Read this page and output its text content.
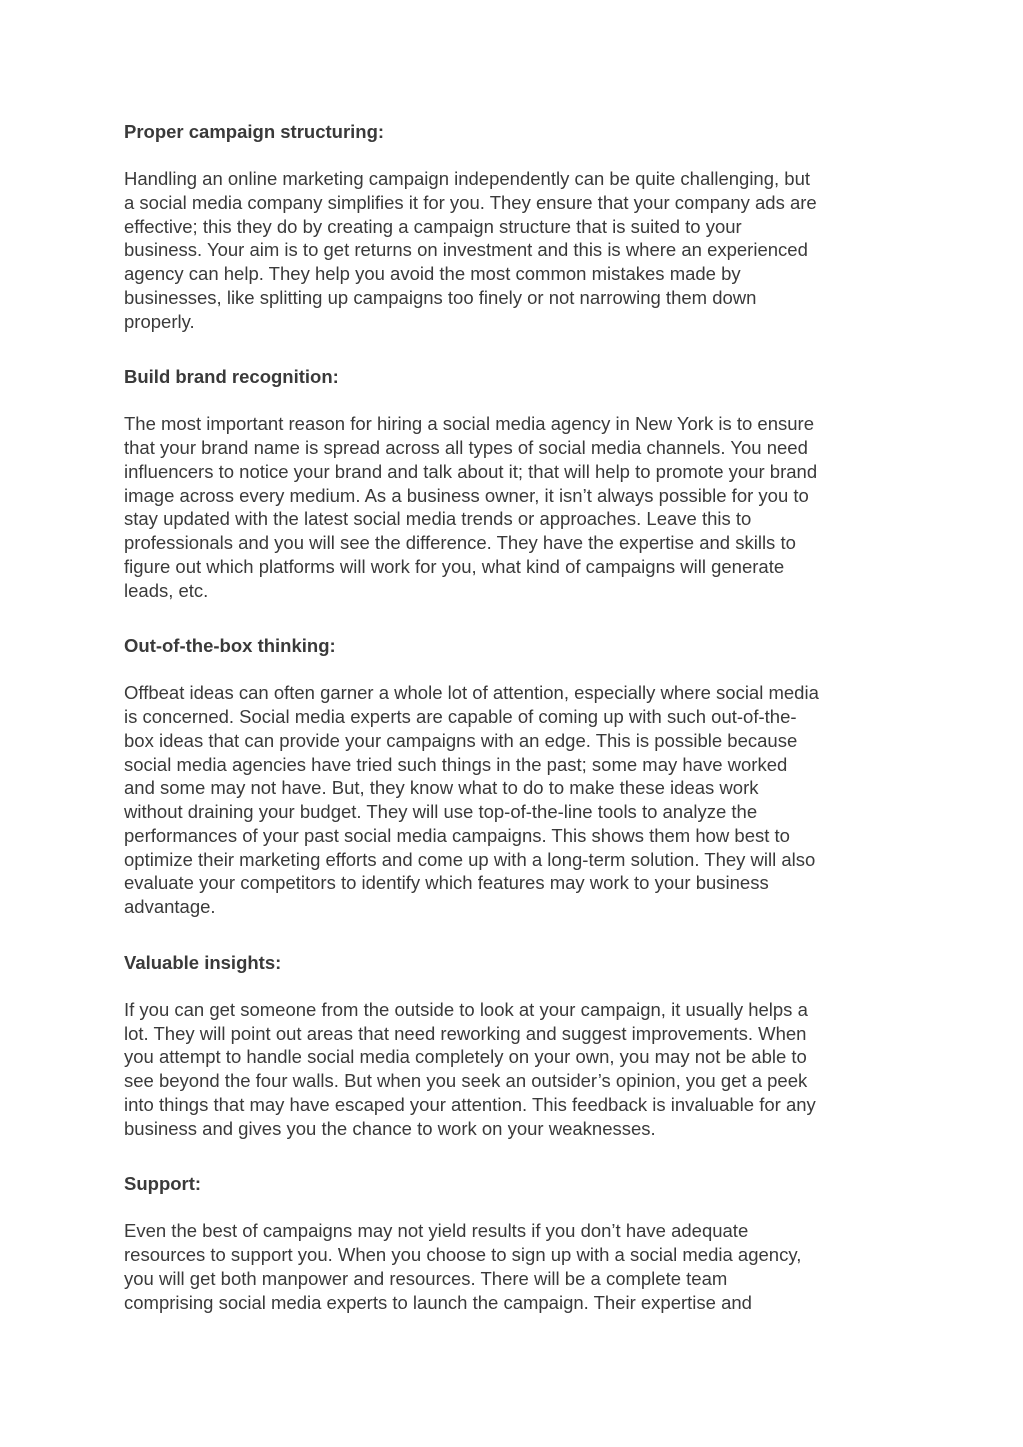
Proper campaign structuring:

Handling an online marketing campaign independently can be quite challenging, but
a social media company simplifies it for you. They ensure that your company ads are
effective; this they do by creating a campaign structure that is suited to your
business. Your aim is to get returns on investment and this is where an experienced
agency can help. They help you avoid the most common mistakes made by
businesses, like splitting up campaigns too finely or not narrowing them down
properly.

Build brand recognition:

The most important reason for hiring a social media agency in New York is to ensure
that your brand name is spread across all types of social media channels. You need
influencers to notice your brand and talk about it; that will help to promote your brand
image across every medium. As a business owner, it isn’t always possible for you to
stay updated with the latest social media trends or approaches. Leave this to
professionals and you will see the difference. They have the expertise and skills to
figure out which platforms will work for you, what kind of campaigns will generate
leads, etc.

Out-of-the-box thinking:

Offbeat ideas can often garner a whole lot of attention, especially where social media
is concerned. Social media experts are capable of coming up with such out-of-the-
box ideas that can provide your campaigns with an edge. This is possible because
social media agencies have tried such things in the past; some may have worked
and some may not have. But, they know what to do to make these ideas work
without draining your budget. They will use top-of-the-line tools to analyze the
performances of your past social media campaigns. This shows them how best to
optimize their marketing efforts and come up with a long-term solution. They will also
evaluate your competitors to identify which features may work to your business
advantage.

Valuable insights:

If you can get someone from the outside to look at your campaign, it usually helps a
lot. They will point out areas that need reworking and suggest improvements. When
you attempt to handle social media completely on your own, you may not be able to
see beyond the four walls. But when you seek an outsider’s opinion, you get a peek
into things that may have escaped your attention. This feedback is invaluable for any
business and gives you the chance to work on your weaknesses.

Support:

Even the best of campaigns may not yield results if you don’t have adequate
resources to support you. When you choose to sign up with a social media agency,
you will get both manpower and resources. There will be a complete team
comprising social media experts to launch the campaign. Their expertise and
